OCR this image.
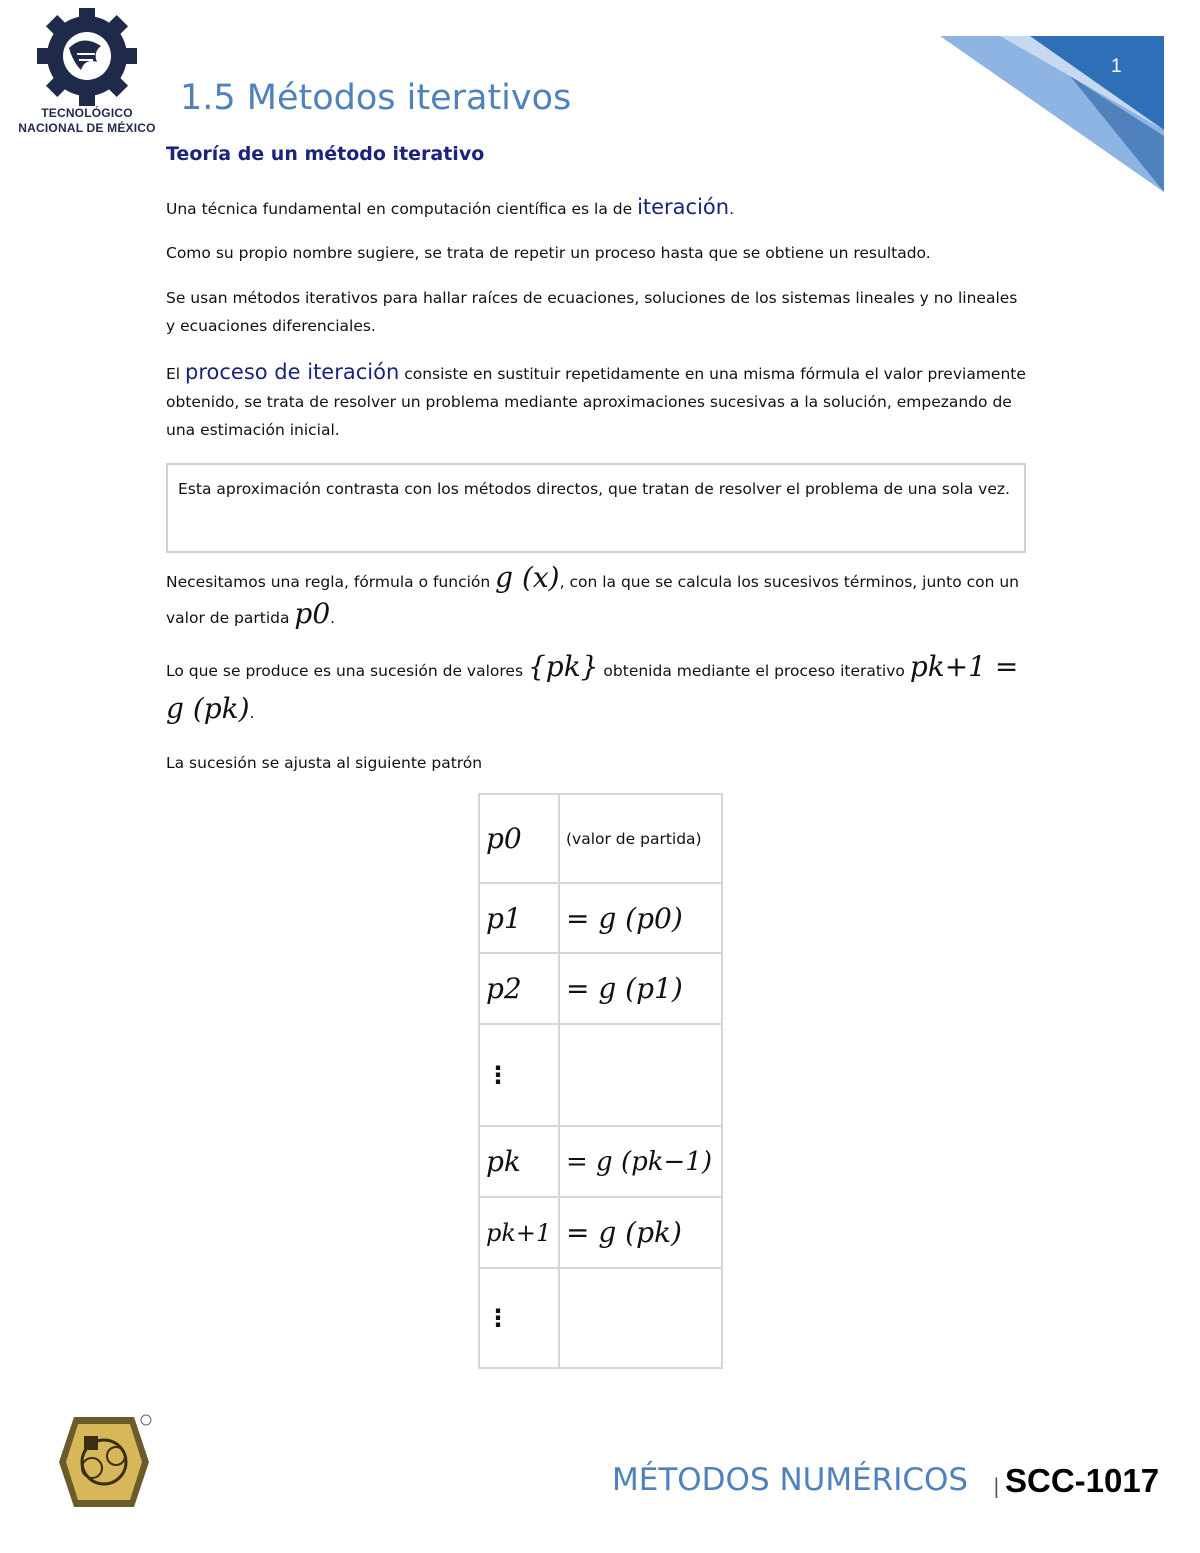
TECNOLÓGICO
NACIONAL DE MÉXICO
1
1.5 Métodos iterativos
Teoría de un método iterativo
Una técnica fundamental en computación científica es la de iteración.
Como su propio nombre sugiere, se trata de repetir un proceso hasta que se obtiene un resultado.
Se usan métodos iterativos para hallar raíces de ecuaciones, soluciones de los sistemas lineales y no lineales y ecuaciones diferenciales.
El proceso de iteración consiste en sustituir repetidamente en una misma fórmula el valor previamente obtenido, se trata de resolver un problema mediante aproximaciones sucesivas a la solución, empezando de una estimación inicial.
Esta aproximación contrasta con los métodos directos, que tratan de resolver el problema de una sola vez.
Necesitamos una regla, fórmula o función g (x), con la que se calcula los sucesivos términos, junto con un valor de partida p0.
Lo que se produce es una sucesión de valores {pk} obtenida mediante el proceso iterativo pk+1 = g (pk).
La sucesión se ajusta al siguiente patrón
p0	(valor de partida)
p1	= g (p0)
p2	= g (p1)
⋮	
pk	= g (pk−1)
pk+1	= g (pk)
⋮	
MÉTODOS NUMÉRICOS | SCC-1017
